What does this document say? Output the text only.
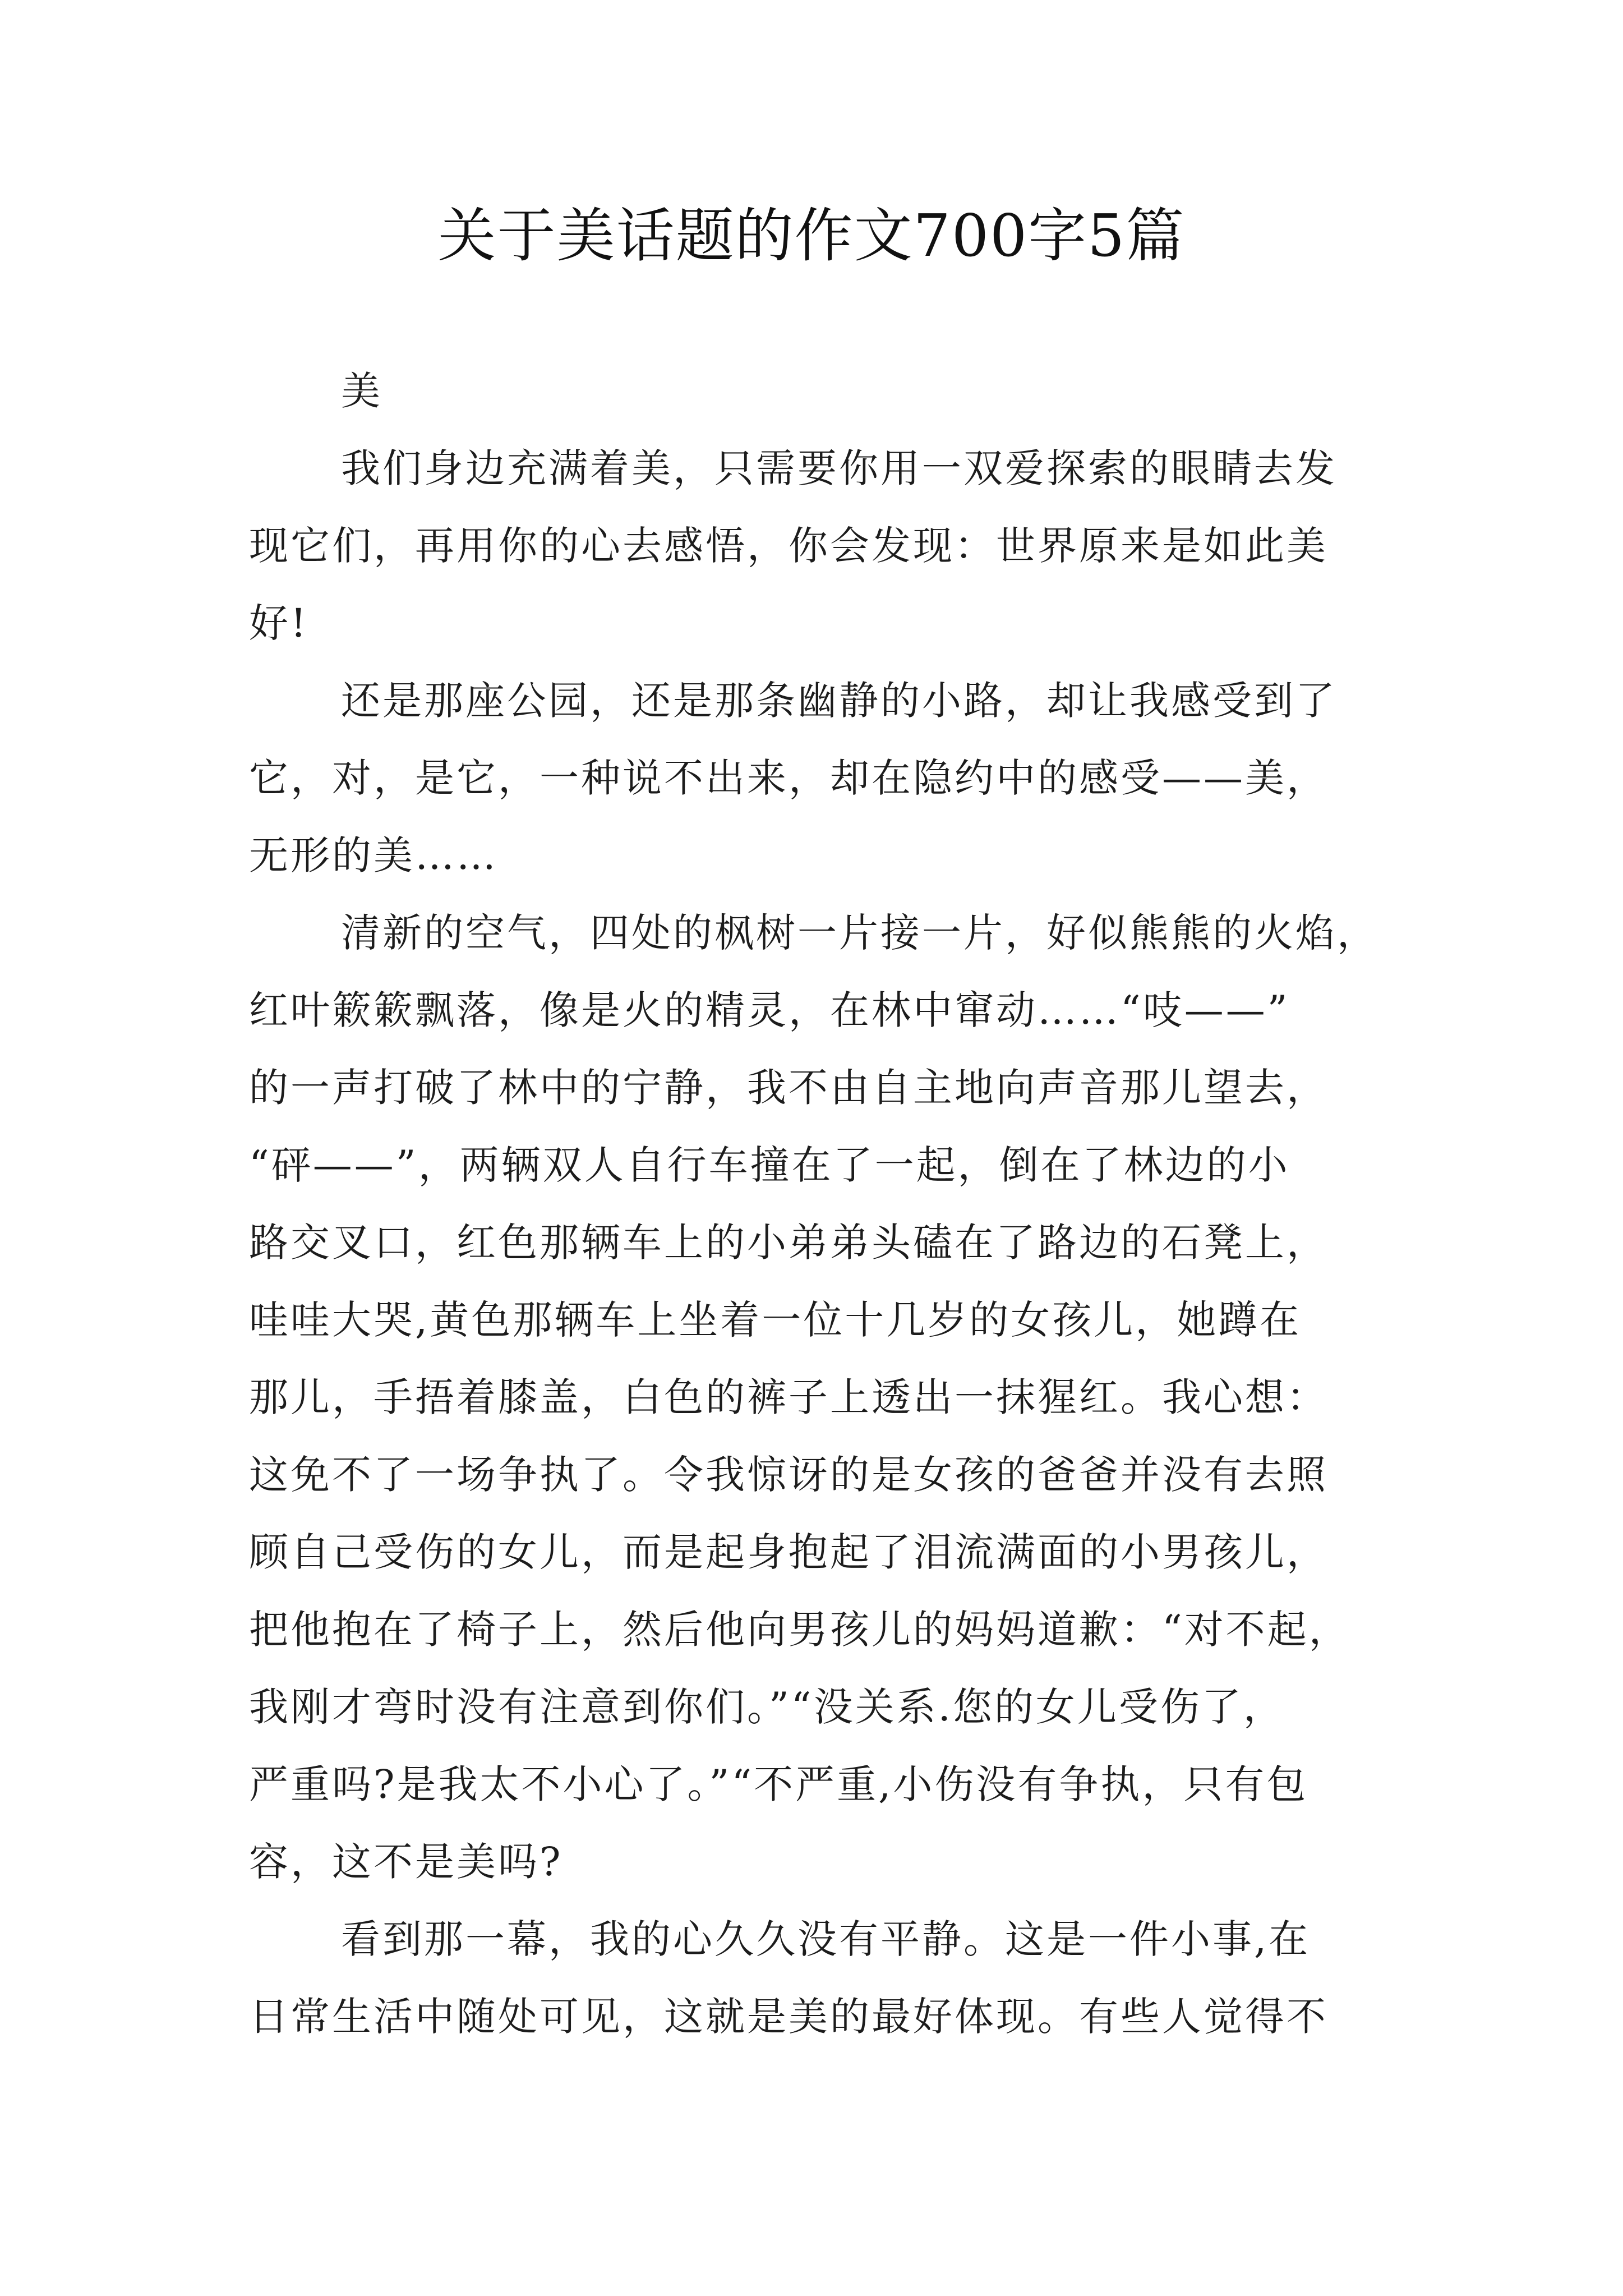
关于美话题的作文700字5篇
美
我们身边充满着美，只需要你用一双爱探索的眼睛去发
现它们，再用你的心去感悟，你会发现：世界原来是如此美
好!
还是那座公园，还是那条幽静的小路，却让我感受到了
它，对，是它，一种说不出来，却在隐约中的感受——美，
无形的美……
清新的空气，四处的枫树一片接一片，好似熊熊的火焰，
红叶簌簌飘落，像是火的精灵，在林中窜动……“吱——”
的一声打破了林中的宁静，我不由自主地向声音那儿望去，
“砰——”，两辆双人自行车撞在了一起，倒在了林边的小
路交叉口，红色那辆车上的小弟弟头磕在了路边的石凳上，
哇哇大哭,黄色那辆车上坐着一位十几岁的女孩儿，她蹲在
那儿，手捂着膝盖，白色的裤子上透出一抹猩红。我心想：
这免不了一场争执了。令我惊讶的是女孩的爸爸并没有去照
顾自己受伤的女儿，而是起身抱起了泪流满面的小男孩儿，
把他抱在了椅子上，然后他向男孩儿的妈妈道歉：“对不起，
我刚才弯时没有注意到你们。”“没关系.您的女儿受伤了，
严重吗?是我太不小心了。”“不严重,小伤没有争执，只有包
容，这不是美吗?
看到那一幕，我的心久久没有平静。这是一件小事,在
日常生活中随处可见，这就是美的最好体现。有些人觉得不
